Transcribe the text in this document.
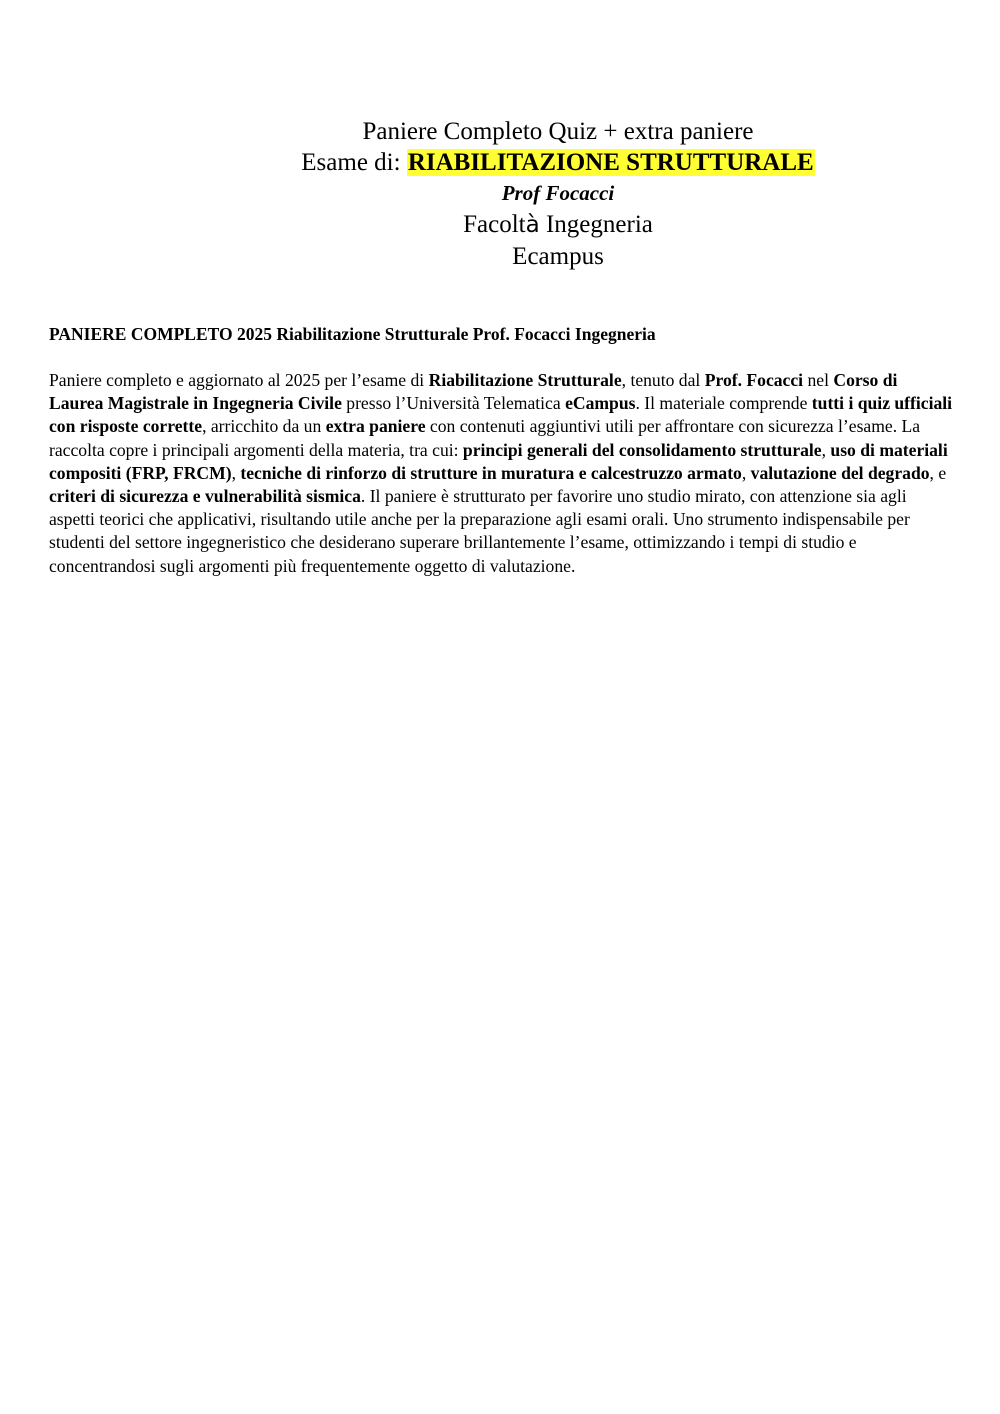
Paniere Completo Quiz + extra paniere
Esame di: RIABILITAZIONE STRUTTURALE
Prof Focacci
Facoltà Ingegneria
Ecampus
PANIERE COMPLETO 2025 Riabilitazione Strutturale Prof. Focacci Ingegneria
Paniere completo e aggiornato al 2025 per l’esame di Riabilitazione Strutturale, tenuto dal Prof. Focacci nel Corso di Laurea Magistrale in Ingegneria Civile presso l’Università Telematica eCampus. Il materiale comprende tutti i quiz ufficiali con risposte corrette, arricchito da un extra paniere con contenuti aggiuntivi utili per affrontare con sicurezza l’esame. La raccolta copre i principali argomenti della materia, tra cui: principi generali del consolidamento strutturale, uso di materiali compositi (FRP, FRCM), tecniche di rinforzo di strutture in muratura e calcestruzzo armato, valutazione del degrado, e criteri di sicurezza e vulnerabilità sismica. Il paniere è strutturato per favorire uno studio mirato, con attenzione sia agli aspetti teorici che applicativi, risultando utile anche per la preparazione agli esami orali. Uno strumento indispensabile per studenti del settore ingegneristico che desiderano superare brillantemente l’esame, ottimizzando i tempi di studio e concentrandosi sugli argomenti più frequentemente oggetto di valutazione.
